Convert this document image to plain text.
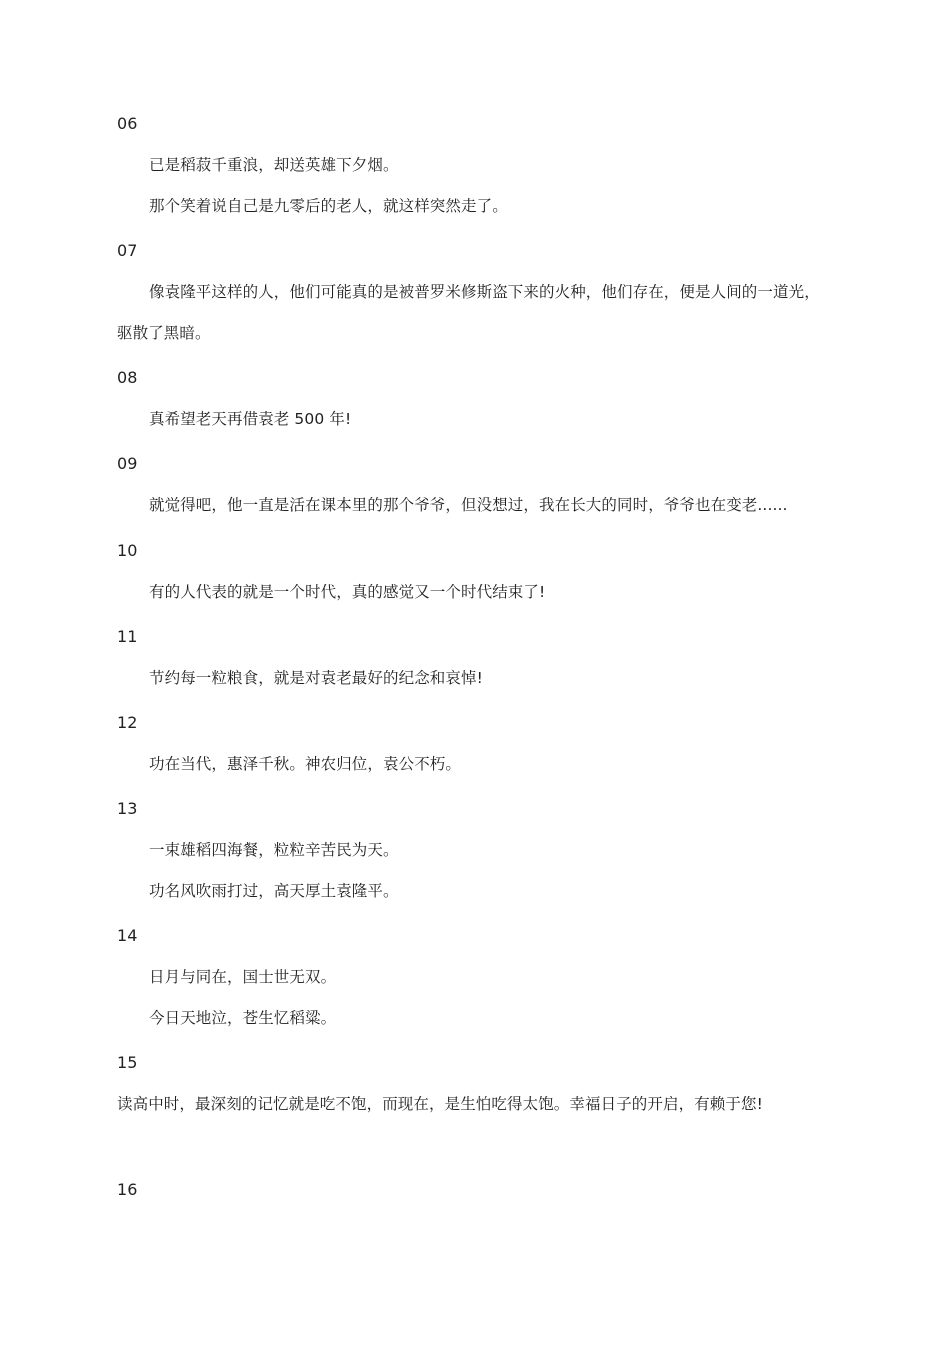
06
已是稻菽千重浪，却送英雄下夕烟。
那个笑着说自己是九零后的老人，就这样突然走了。
07
像袁隆平这样的人，他们可能真的是被普罗米修斯盗下来的火种，他们存在，便是人间的一道光，
驱散了黑暗。
08
真希望老天再借袁老 500 年!
09
就觉得吧，他一直是活在课本里的那个爷爷，但没想过，我在长大的同时，爷爷也在变老......
10
有的人代表的就是一个时代，真的感觉又一个时代结束了!
11
节约每一粒粮食，就是对袁老最好的纪念和哀悼!
12
功在当代，惠泽千秋。神农归位，袁公不朽。
13
一束雄稻四海餐，粒粒辛苦民为天。
功名风吹雨打过，高天厚土袁隆平。
14
日月与同在，国士世无双。
今日天地泣，苍生忆稻粱。
15
读高中时，最深刻的记忆就是吃不饱，而现在，是生怕吃得太饱。幸福日子的开启，有赖于您!
16
